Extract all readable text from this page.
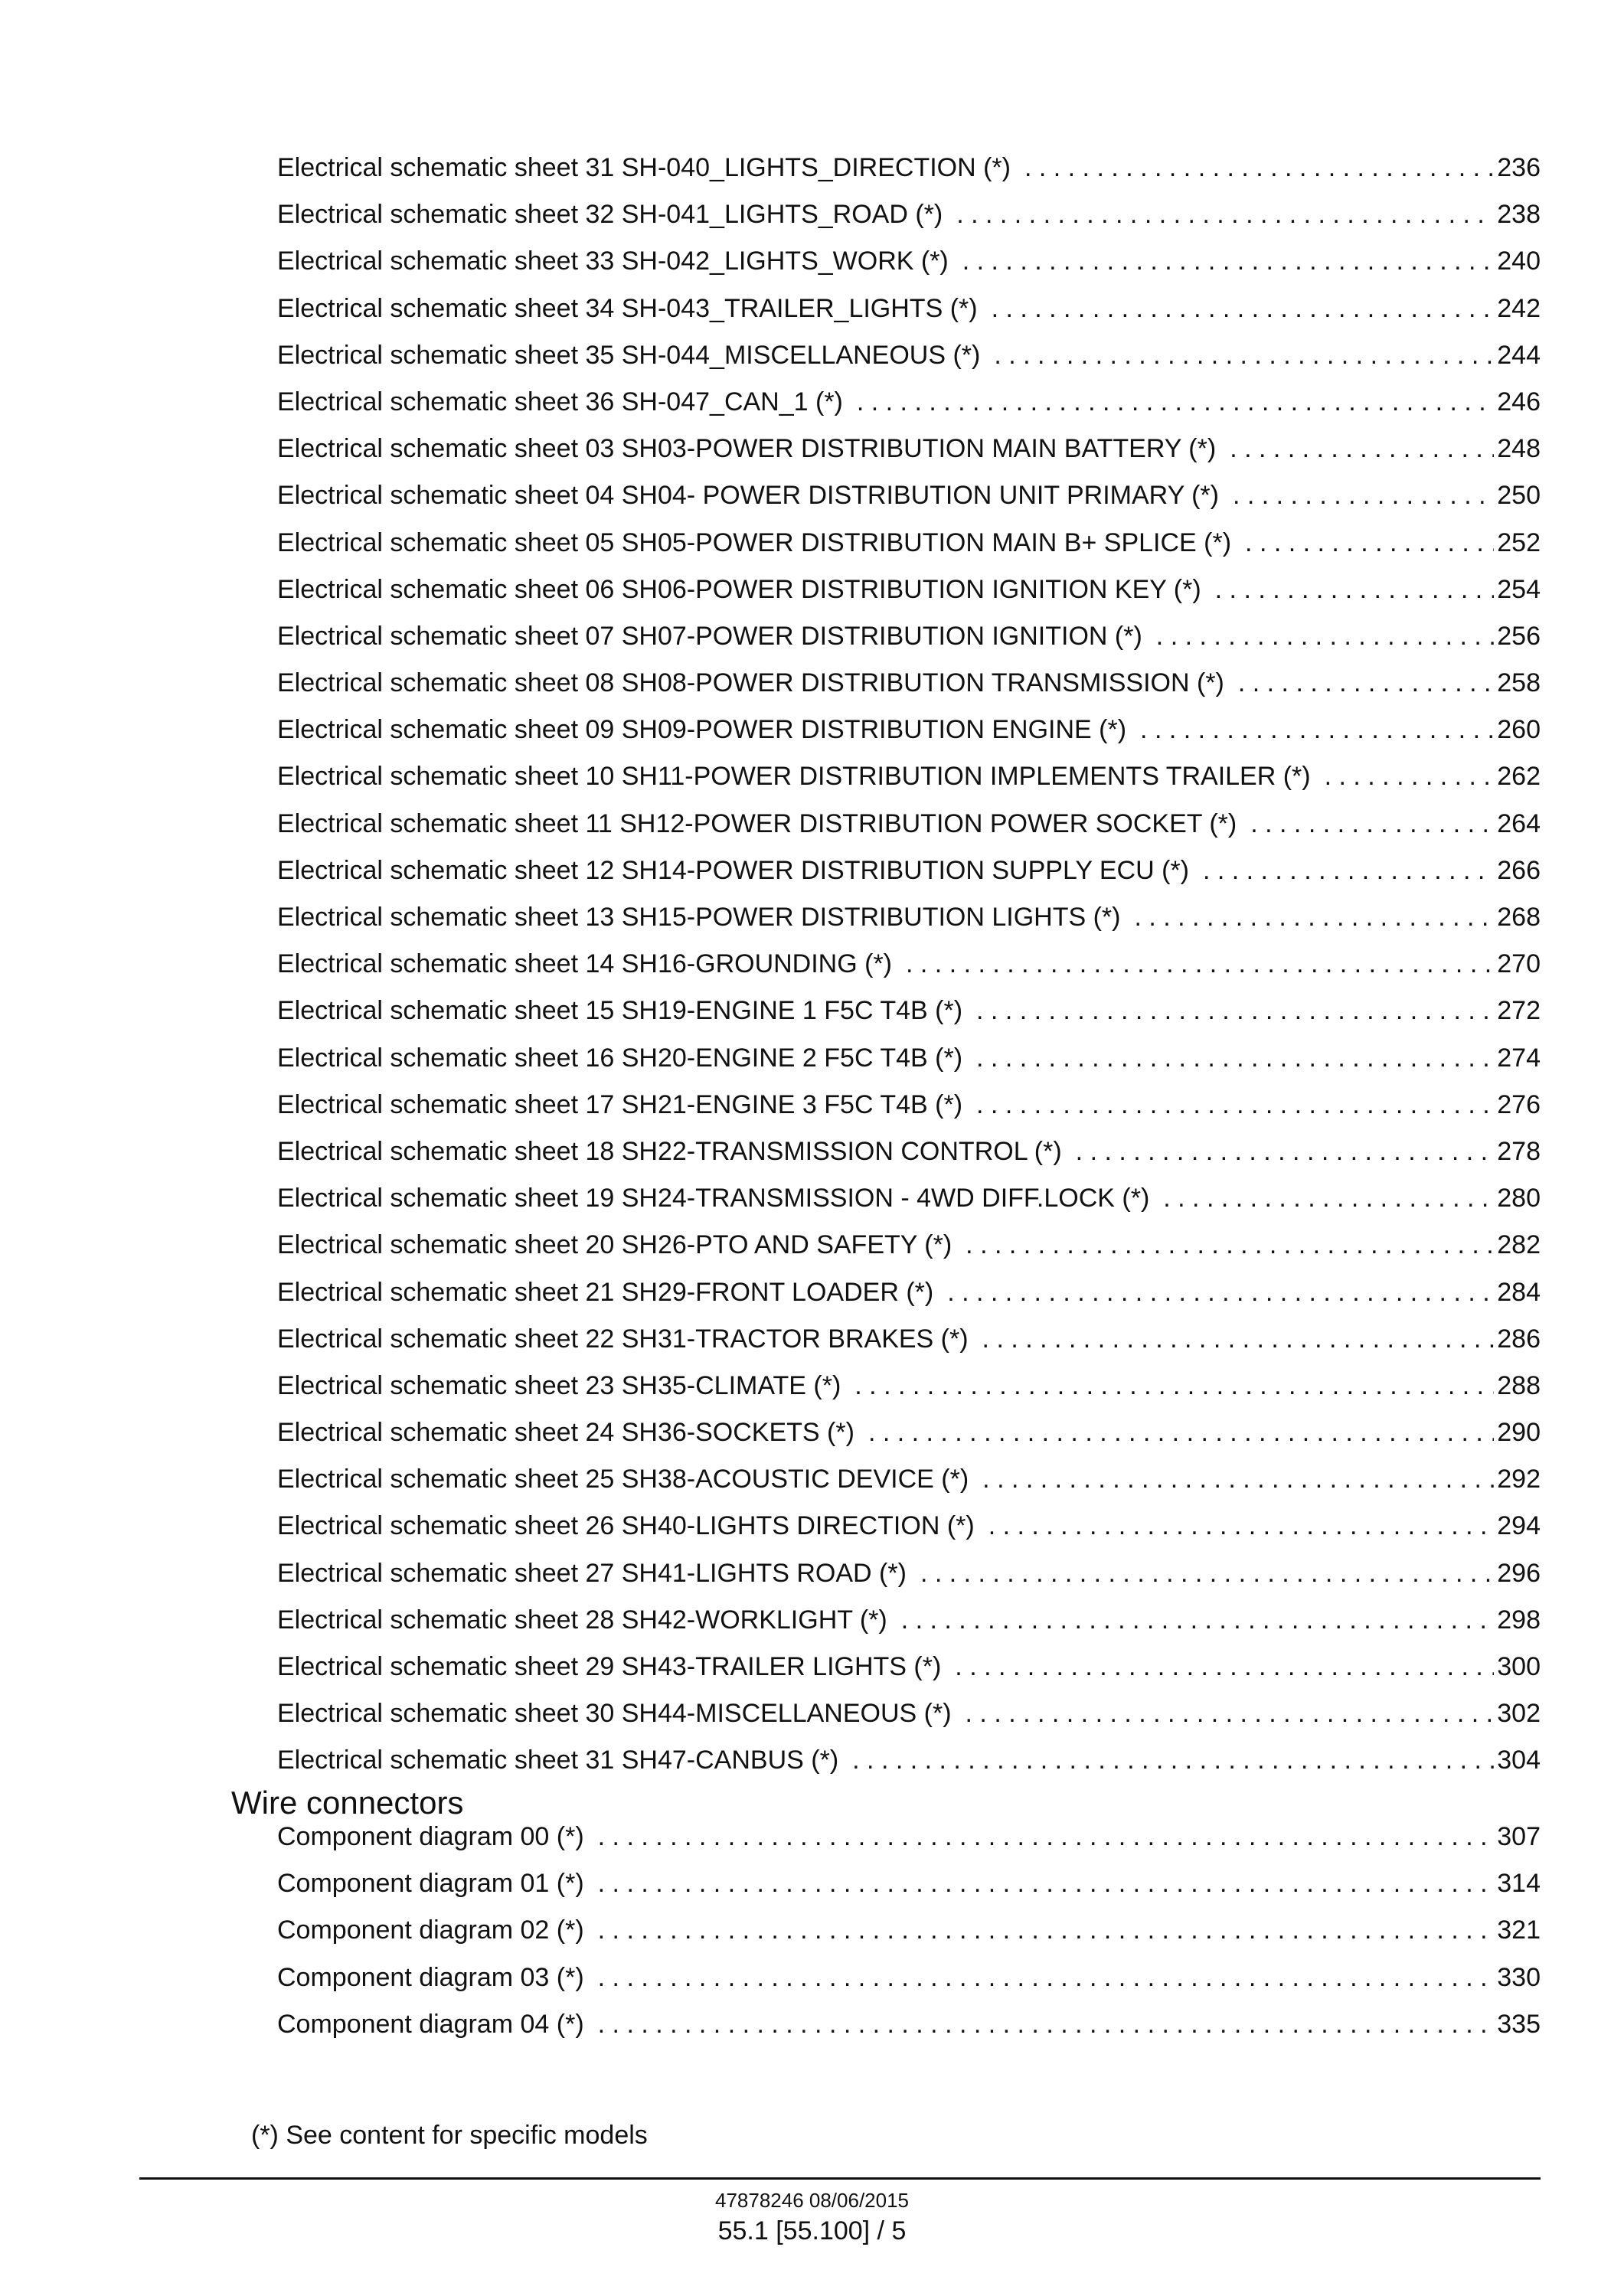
Electrical schematic sheet 31 SH-040_LIGHTS_DIRECTION (*) . . .	236
Electrical schematic sheet 32 SH-041_LIGHTS_ROAD (*) . . .	238
Electrical schematic sheet 33 SH-042_LIGHTS_WORK (*) . . .	240
Electrical schematic sheet 34 SH-043_TRAILER_LIGHTS (*) . . .	242
Electrical schematic sheet 35 SH-044_MISCELLANEOUS (*) . . .	244
Electrical schematic sheet 36 SH-047_CAN_1 (*) . . .	246
Electrical schematic sheet 03 SH03-POWER DISTRIBUTION MAIN BATTERY (*) . . .	248
Electrical schematic sheet 04 SH04- POWER DISTRIBUTION UNIT PRIMARY (*) . . .	250
Electrical schematic sheet 05 SH05-POWER DISTRIBUTION MAIN B+ SPLICE (*) . . .	252
Electrical schematic sheet 06 SH06-POWER DISTRIBUTION IGNITION KEY (*) . . .	254
Electrical schematic sheet 07 SH07-POWER DISTRIBUTION IGNITION (*) . . .	256
Electrical schematic sheet 08 SH08-POWER DISTRIBUTION TRANSMISSION (*) . . .	258
Electrical schematic sheet 09 SH09-POWER DISTRIBUTION ENGINE (*) . . .	260
Electrical schematic sheet 10 SH11-POWER DISTRIBUTION IMPLEMENTS TRAILER (*) . . .	262
Electrical schematic sheet 11 SH12-POWER DISTRIBUTION POWER SOCKET (*) . . .	264
Electrical schematic sheet 12 SH14-POWER DISTRIBUTION SUPPLY ECU (*) . . .	266
Electrical schematic sheet 13 SH15-POWER DISTRIBUTION LIGHTS (*) . . .	268
Electrical schematic sheet 14 SH16-GROUNDING (*) . . .	270
Electrical schematic sheet 15 SH19-ENGINE 1 F5C T4B (*) . . .	272
Electrical schematic sheet 16 SH20-ENGINE 2 F5C T4B (*) . . .	274
Electrical schematic sheet 17 SH21-ENGINE 3 F5C T4B (*) . . .	276
Electrical schematic sheet 18 SH22-TRANSMISSION CONTROL (*) . . .	278
Electrical schematic sheet 19 SH24-TRANSMISSION - 4WD DIFF.LOCK (*) . . .	280
Electrical schematic sheet 20 SH26-PTO AND SAFETY (*) . . .	282
Electrical schematic sheet 21 SH29-FRONT LOADER (*) . . .	284
Electrical schematic sheet 22 SH31-TRACTOR BRAKES (*) . . .	286
Electrical schematic sheet 23 SH35-CLIMATE (*) . . .	288
Electrical schematic sheet 24 SH36-SOCKETS (*) . . .	290
Electrical schematic sheet 25 SH38-ACOUSTIC DEVICE (*) . . .	292
Electrical schematic sheet 26 SH40-LIGHTS DIRECTION (*) . . .	294
Electrical schematic sheet 27 SH41-LIGHTS ROAD (*) . . .	296
Electrical schematic sheet 28 SH42-WORKLIGHT (*) . . .	298
Electrical schematic sheet 29 SH43-TRAILER LIGHTS (*) . . .	300
Electrical schematic sheet 30 SH44-MISCELLANEOUS (*) . . .	302
Electrical schematic sheet 31 SH47-CANBUS (*) . . .	304
Wire connectors
Component diagram 00 (*) . . .	307
Component diagram 01 (*) . . .	314
Component diagram 02 (*) . . .	321
Component diagram 03 (*) . . .	330
Component diagram 04 (*) . . .	335
(*) See content for specific models
47878246 08/06/2015
55.1 [55.100] / 5
